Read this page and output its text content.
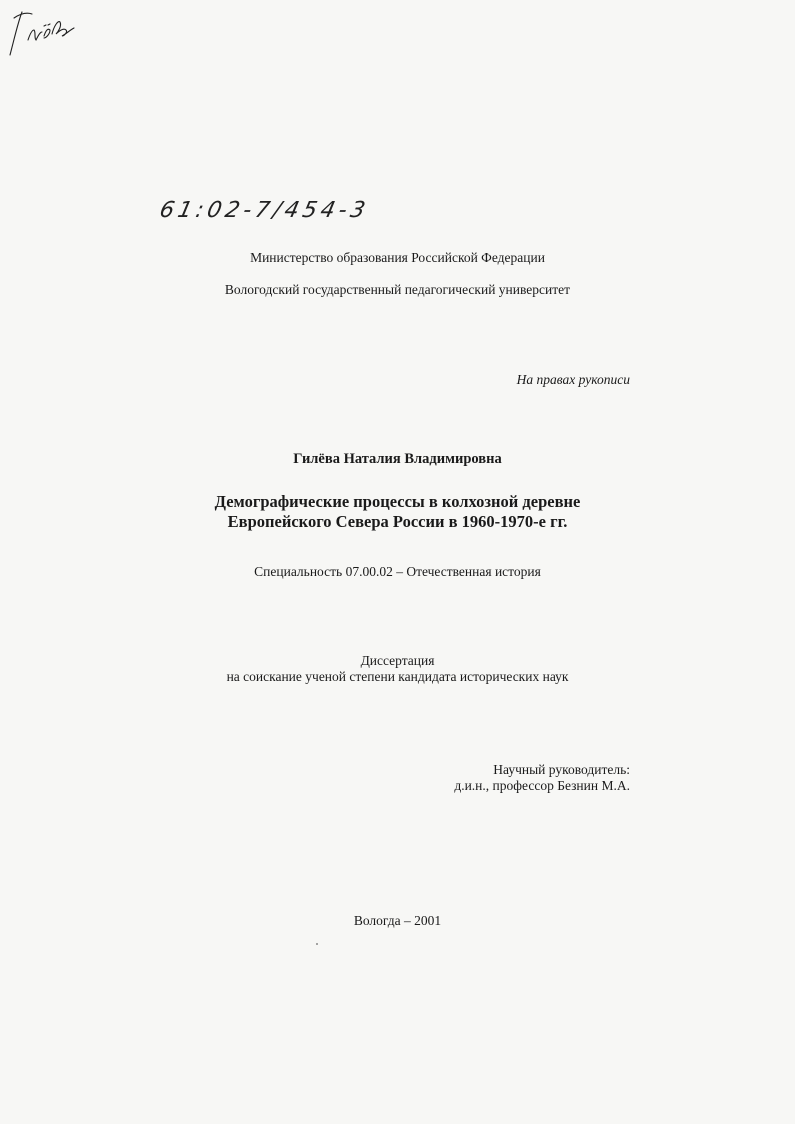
61:02-7/454-3
Министерство образования Российской Федерации
Вологодский государственный педагогический университет
На правах рукописи
Гилёва Наталия Владимировна
Демографические процессы в колхозной деревне
Европейского Севера России в 1960-1970-е гг.
Специальность 07.00.02 – Отечественная история
Диссертация
на соискание ученой степени кандидата исторических наук
Научный руководитель:
д.и.н., профессор Безнин М.А.
Вологда – 2001
